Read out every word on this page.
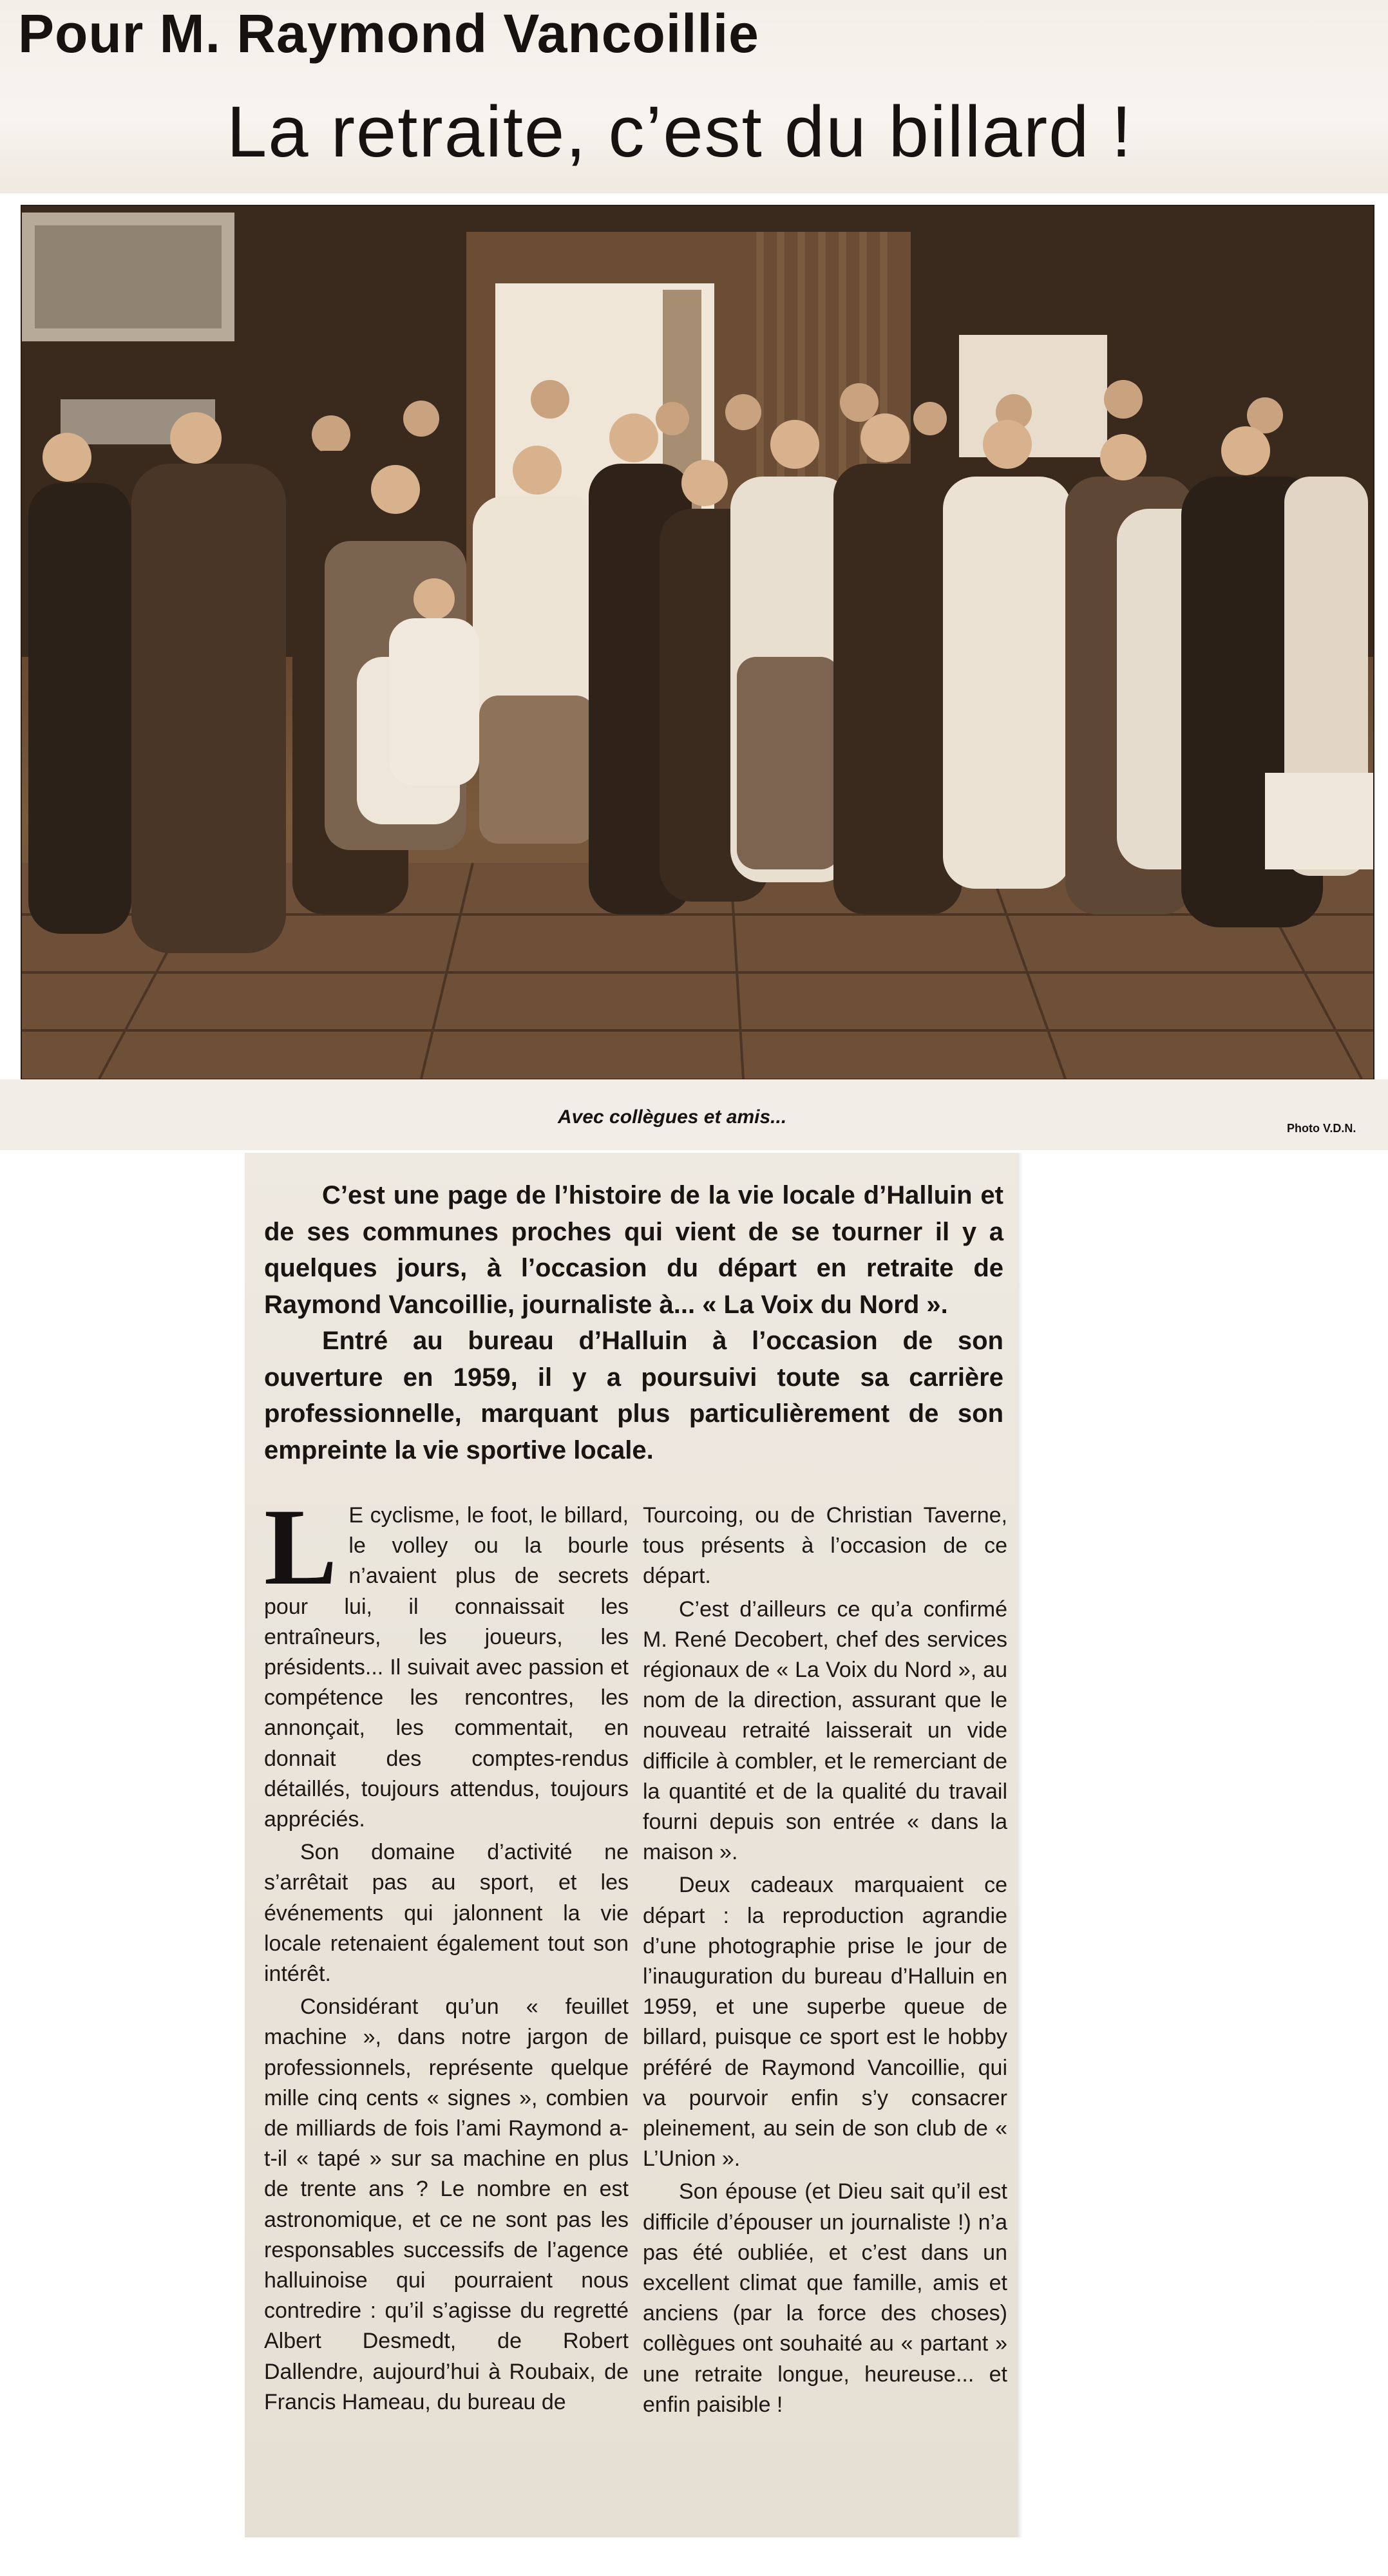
Pour M. Raymond Vancoillie
La retraite, c’est du billard !
Avec collègues et amis...
Photo V.D.N.

C’est une page de l’histoire de la vie locale d’Halluin et de ses communes proches qui vient de se tourner il y a quelques jours, à l’occasion du départ en retraite de Raymond Vancoillie, journaliste à... « La Voix du Nord ».

Entré au bureau d’Halluin à l’occasion de son ouverture en 1959, il y a poursuivi toute sa carrière professionnelle, marquant plus particulièrement de son empreinte la vie sportive locale.

L E cyclisme, le foot, le billard, le volley ou la bourle n’avaient plus de secrets pour lui, il connaissait les entraîneurs, les joueurs, les présidents... Il suivait avec passion et compétence les rencontres, les annonçait, les commentait, en donnait des comptes-rendus détaillés, toujours attendus, toujours appréciés.

Son domaine d’activité ne s’arrêtait pas au sport, et les événements qui jalonnent la vie locale retenaient également tout son intérêt.

Considérant qu’un « feuillet machine », dans notre jargon de professionnels, représente quelque mille cinq cents « signes », combien de milliards de fois l’ami Raymond a-t-il « tapé » sur sa machine en plus de trente ans ? Le nombre en est astronomique, et ce ne sont pas les responsables successifs de l’agence halluinoise qui pourraient nous contredire : qu’il s’agisse du regretté Albert Desmedt, de Robert Dallendre, aujourd’hui à Roubaix, de Francis Hameau, du bureau de

Tourcoing, ou de Christian Taverne, tous présents à l’occasion de ce départ.

C’est d’ailleurs ce qu’a confirmé M. René Decobert, chef des services régionaux de « La Voix du Nord », au nom de la direction, assurant que le nouveau retraité laisserait un vide difficile à combler, et le remerciant de la quantité et de la qualité du travail fourni depuis son entrée « dans la maison ».

Deux cadeaux marquaient ce départ : la reproduction agrandie d’une photographie prise le jour de l’inauguration du bureau d’Halluin en 1959, et une superbe queue de billard, puisque ce sport est le hobby préféré de Raymond Vancoillie, qui va pourvoir enfin s’y consacrer pleinement, au sein de son club de « L’Union ».

Son épouse (et Dieu sait qu’il est difficile d’épouser un journaliste !) n’a pas été oubliée, et c’est dans un excellent climat que famille, amis et anciens (par la force des choses) collègues ont souhaité au « partant » une retraite longue, heureuse... et enfin paisible !
